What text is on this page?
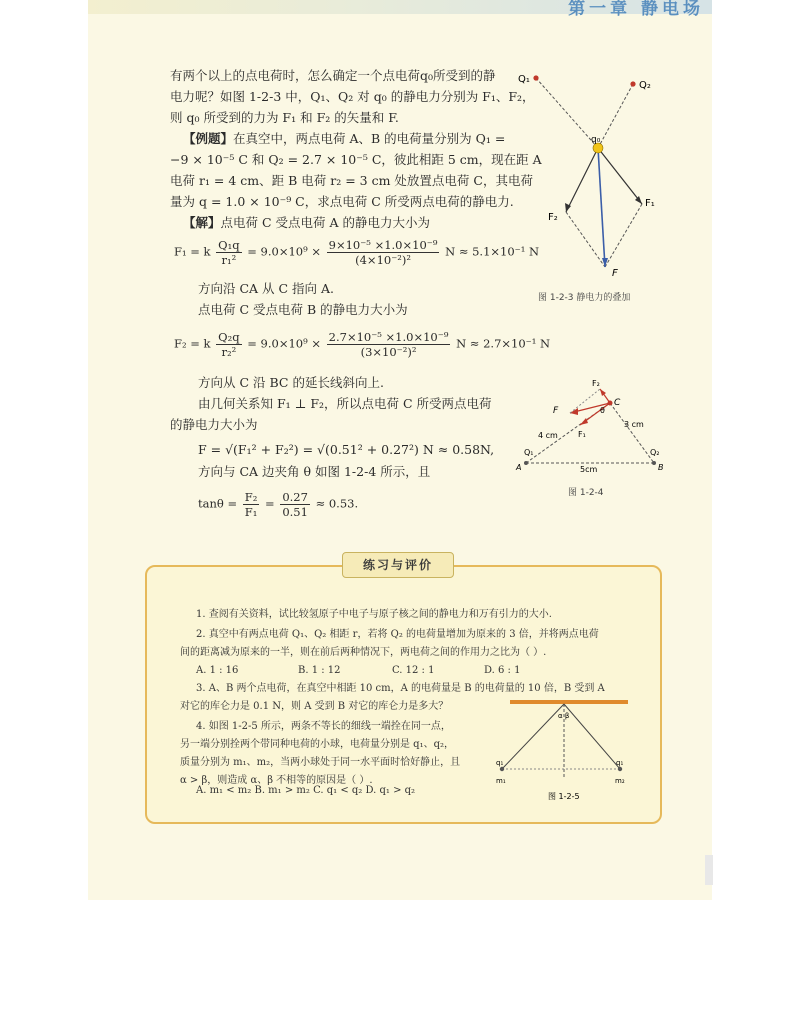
第一章 静电场
有两个以上的点电荷时，怎么确定一个点电荷q₀所受到的静
电力呢？如图 1-2-3 中，Q₁、Q₂ 对 q₀ 的静电力分别为 F₁、F₂，
则 q₀ 所受到的力为 F₁ 和 F₂ 的矢量和 F.
【例题】在真空中，两点电荷 A、B 的电荷量分别为 Q₁ =
−9 × 10⁻⁵ C 和 Q₂ = 2.7 × 10⁻⁵ C，彼此相距 5 cm，现在距 A
电荷 r₁ = 4 cm、距 B 电荷 r₂ = 3 cm 处放置点电荷 C，其电荷
量为 q = 1.0 × 10⁻⁹ C，求点电荷 C 所受两点电荷的静电力.
【解】点电荷 C 受点电荷 A 的静电力大小为
F₁ = k $\frac{\text{Q₁q}}{\text{r₁²}} = 9.0\times 10^9 \times \frac{\text{9×10⁻⁵ ×1.0×10⁻⁹}}{\text{(4×10⁻²)²}}$ N ≈ 5.1×10⁻¹ N
方向沿 CA 从 C 指向 A.
点电荷 C 受点电荷 B 的静电力大小为
F₂ = k $\frac{\text{Q₂q}}{\text{r₂²}} = 9.0\times 10^9 \times \frac{\text{2.7×10⁻⁵ ×1.0×10⁻⁹}}{\text{(3×10⁻²)²}}$ N ≈ 2.7×10⁻¹ N
方向从 C 沿 BC 的延长线斜向上.
由几何关系知 F₁ ⊥ F₂，所以点电荷 C 所受两点电荷
的静电力大小为
F = √(F₁² + F₂²) = √(0.51² + 0.27²) N ≈ 0.58N,
方向与 CA 边夹角 θ 如图 1-2-4 所示，且
$\tan\theta = \frac{\text{F₂}}{\text{F₁}} = \frac{0.27}{0.51} \approx 0.53$.
Q₁
Q₂
q₀
F₁
F₂
F
图 1-2-3 静电力的叠加
F
F₁
F₂
θ
C
4 cm
3 cm
5cm
A	B
Q₁	Q₂
图 1-2-4
练习与评价
1. 查阅有关资料，试比较氢原子中电子与原子核之间的静电力和万有引力的大小.
2. 真空中有两点电荷 Q₁、Q₂ 相距 r，若将 Q₂ 的电荷量增加为原来的 3 倍，并将两点电荷
间的距离减为原来的一半，则在前后两种情况下，两电荷之间的作用力之比为（ ）.
A. 1 : 16	B. 1 : 12	C. 12 : 1	D. 6 : 1
3. A、B 两个点电荷，在真空中相距 10 cm，A 的电荷量是 B 的电荷量的 10 倍，B 受到 A
对它的库仑力是 0.1 N，则 A 受到 B 对它的库仑力是多大？
4. 如图 1-2-5 所示，两条不等长的细线一端拴在同一点，
另一端分别拴两个带同种电荷的小球，电荷量分别是 q₁、q₂，
质量分别为 m₁、m₂，当两小球处于同一水平面时恰好静止，且
α > β，则造成 α、β 不相等的原因是（ ）.
A. m₁ < m₂ B. m₁ > m₂ C. q₁ < q₂ D. q₁ > q₂
α β
q₁
m₁
q₁
m₂
图 1-2-5
